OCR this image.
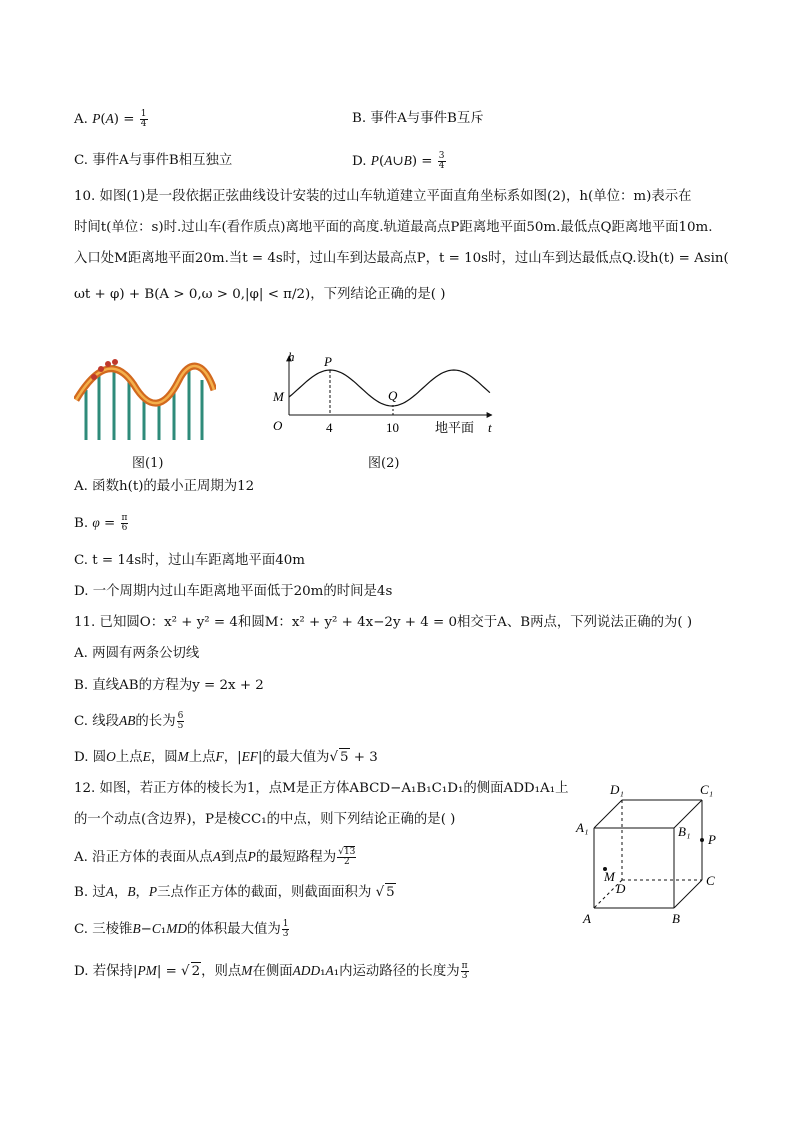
A. $P(A) = \frac{1}{4}$	B. 事件A与事件B互斥
C. 事件A与事件B相互独立	D. P(A∪B) = $\frac{3}{4}$
10. 如图(1)是一段依据正弦曲线设计安装的过山车轨道建立平面直角坐标系如图(2)，h(单位：m)表示在
时间t(单位：s)时.过山车(看作质点)离地平面的高度.轨道最高点P距离地平面50m.最低点Q距离地平面10m.
入口处M距离地平面20m.当t = 4s时，过山车到达最高点P，t = 10s时，过山车到达最低点Q.设h(t) = Asin(
ωt + φ) + B(A > 0,ω > 0,|φ| < π/2)，下列结论正确的是( )
图(1)
h P
M	Q
O	4	10	地平面 t
图(2)
A. 函数h(t)的最小正周期为12
B. $\varphi = \frac{\pi}{6}$
C. t = 14s时，过山车距离地平面40m
D. 一个周期内过山车距离地平面低于20m的时间是4s
11. 已知圆O：x² + y² = 4和圆M：x² + y² + 4x−2y + 4 = 0相交于A、B两点，下列说法正确的为( )
A. 两圆有两条公切线
B. 直线AB的方程为y = 2x + 2
C. 线段AB的长为 $\frac{6}{5}$
D. 圆O上点E，圆M上点F，|EF|的最大值为√ 5 + 3
12. 如图，若正方体的棱长为1，点M是正方体ABCD−A₁B₁C₁D₁的侧面ADD₁A₁上
的一个动点(含边界)，P是棱CC₁的中点，则下列结论正确的是( )
A. 沿正方体的表面从点A到点P的最短路程为 $\frac{√13}{2}$
B. 过A，B，P三点作正方体的截面，则截面面积为 √ 5
C. 三棱锥B−C₁MD的体积最大值为 $\frac{1}{3}$
D. 若保持|PM| = √ 2，则点M在侧面ADD₁A₁内运动路径的长度为 $\frac{\pi}{3}$
A	B
C
D
A₁	B₁
C₁
D₁
M
P
